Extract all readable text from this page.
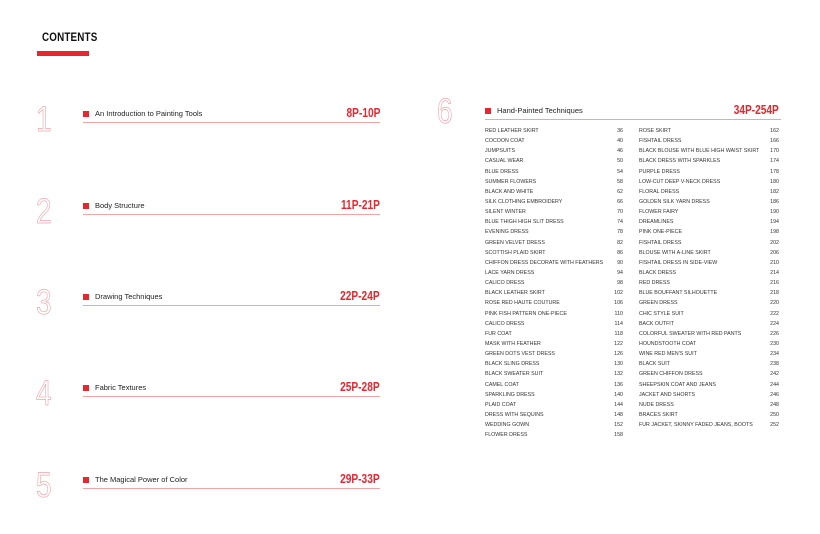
CONTENTS
1	An Introduction to Painting Tools	8P-10P
2	Body Structure	11P-21P
3	Drawing Techniques	22P-24P
4	Fabric Textures	25P-28P
5	The Magical Power of Color	29P-33P
6	Hand-Painted Techniques	34P-254P
RED LEATHER SKIRT	36
COCOON COAT	40
JUMPSUITS	46
CASUAL WEAR	50
BLUE DRESS	54
SUMMER FLOWERS	58
BLACK AND WHITE	62
SILK CLOTHING EMBROIDERY	66
SILENT WINTER	70
BLUE THIGH HIGH SLIT DRESS	74
EVENING DRESS	78
GREEN VELVET DRESS	82
SCOTTISH PLAID SKIRT	86
CHIFFON DRESS DECORATE WITH FEATHERS	90
LACE YARN DRESS	94
CALICO DRESS	98
BLACK LEATHER SKIRT	102
ROSE RED HAUTE COUTURE	106
PINK FISH PATTERN ONE-PIECE	110
CALICO DRESS	114
FUR COAT	118
MASK WITH FEATHER	122
GREEN DOTS VEST DRESS	126
BLACK SLING DRESS	130
BLACK SWEATER SUIT	132
CAMEL COAT	136
SPARKLING DRESS	140
PLAID COAT	144
DRESS WITH SEQUINS	148
WEDDING GOWN	152
FLOWER DRESS	158
ROSE SKIRT	162
FISHTAIL DRESS	166
BLACK BLOUSE WITH BLUE HIGH WAIST SKIRT	170
BLACK DRESS WITH SPARKLES	174
PURPLE DRESS	178
LOW-CUT DEEP V-NECK DRESS	180
FLORAL DRESS	182
GOLDEN SILK YARN DRESS	186
FLOWER FAIRY	190
DREAMLINES	194
PINK ONE-PIECE	198
FISHTAIL DRESS	202
BLOUSE WITH A-LINE SKIRT	206
FISHTAIL DRESS IN SIDE-VIEW	210
BLACK DRESS	214
RED DRESS	216
BLUE BOUFFANT SILHOUETTE	218
GREEN DRESS	220
CHIC STYLE SUIT	222
BACK OUTFIT	224
COLORFUL SWEATER WITH RED PANTS	226
HOUNDSTOOTH COAT	230
WINE RED MEN'S SUIT	234
BLACK SUIT	238
GREEN CHIFFON DRESS	242
SHEEPSKIN COAT AND JEANS	244
JACKET AND SHORTS	246
NUDE DRESS	248
BRACES SKIRT	250
FUR JACKET, SKINNY FADED JEANS, BOOTS	252
